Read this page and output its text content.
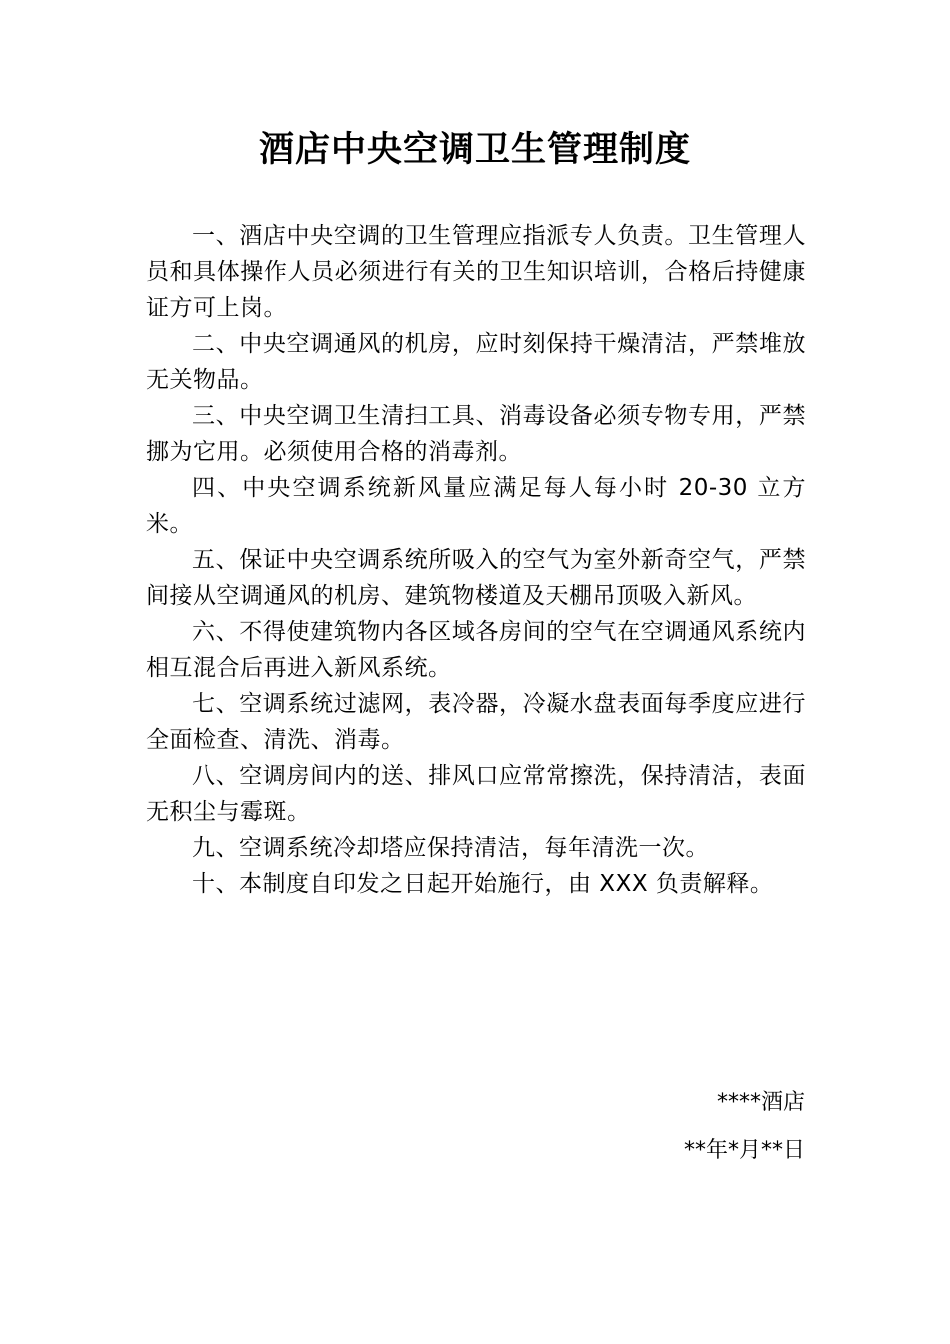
酒店中央空调卫生管理制度

一、酒店中央空调的卫生管理应指派专人负责。卫生管理人员和具体操作人员必须进行有关的卫生知识培训，合格后持健康证方可上岗。

二、中央空调通风的机房，应时刻保持干燥清洁，严禁堆放无关物品。

三、中央空调卫生清扫工具、消毒设备必须专物专用，严禁挪为它用。必须使用合格的消毒剂。

四、中央空调系统新风量应满足每人每小时 20-30 立方米。

五、保证中央空调系统所吸入的空气为室外新奇空气，严禁间接从空调通风的机房、建筑物楼道及天棚吊顶吸入新风。

六、不得使建筑物内各区域各房间的空气在空调通风系统内相互混合后再进入新风系统。

七、空调系统过滤网，表冷器，冷凝水盘表面每季度应进行全面检查、清洗、消毒。

八、空调房间内的送、排风口应常常擦洗，保持清洁，表面无积尘与霉斑。

九、空调系统冷却塔应保持清洁，每年清洗一次。

十、本制度自印发之日起开始施行，由 XXX 负责解释。

****酒店
**年*月**日
